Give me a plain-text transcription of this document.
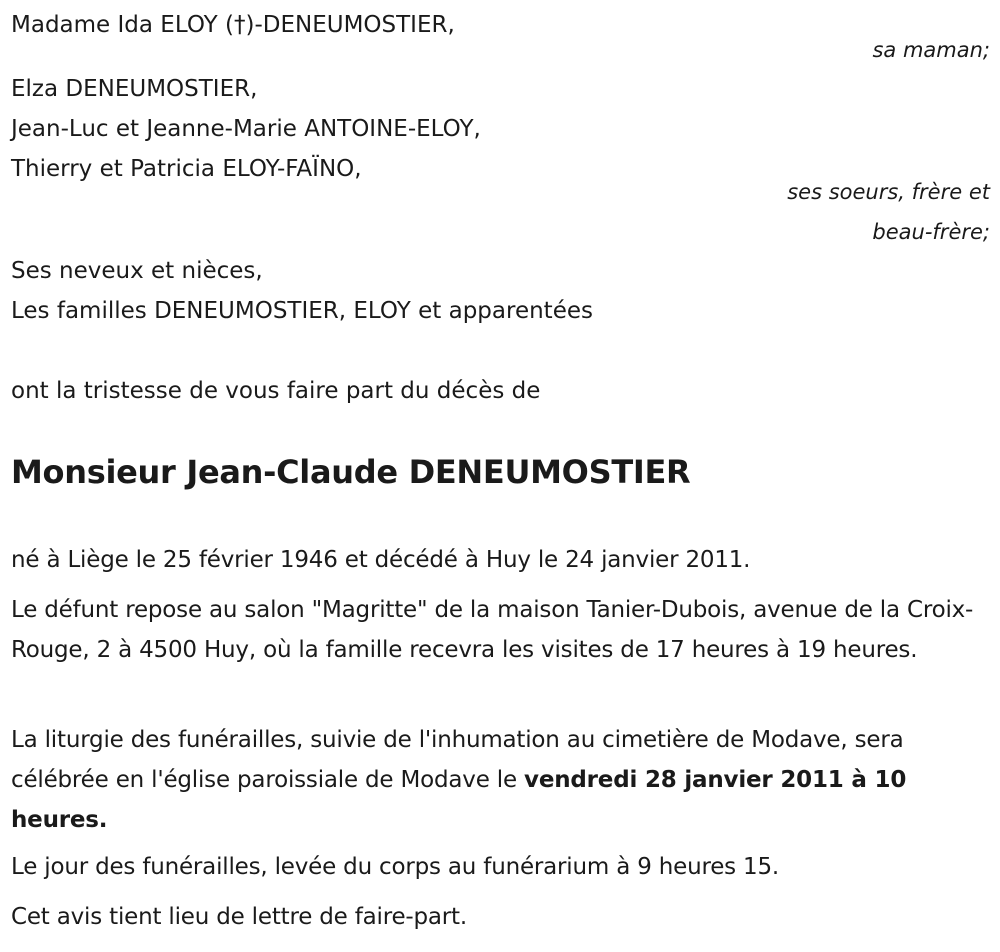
Madame Ida ELOY (†)-DENEUMOSTIER,
sa maman;
Elza DENEUMOSTIER,
Jean-Luc et Jeanne-Marie ANTOINE-ELOY,
Thierry et Patricia ELOY-FAÏNO,
ses soeurs, frère et
beau-frère;
Ses neveux et nièces,
Les familles DENEUMOSTIER, ELOY et apparentées
ont la tristesse de vous faire part du décès de
Monsieur Jean-Claude DENEUMOSTIER
né à Liège le 25 février 1946 et décédé à Huy le 24 janvier 2011.
Le défunt repose au salon "Magritte" de la maison Tanier-Dubois, avenue de la Croix-Rouge, 2 à 4500 Huy, où la famille recevra les visites de 17 heures à 19 heures.
La liturgie des funérailles, suivie de l'inhumation au cimetière de Modave, sera célébrée en l'église paroissiale de Modave le vendredi 28 janvier 2011 à 10 heures.
Le jour des funérailles, levée du corps au funérarium à 9 heures 15.
Cet avis tient lieu de lettre de faire-part.
